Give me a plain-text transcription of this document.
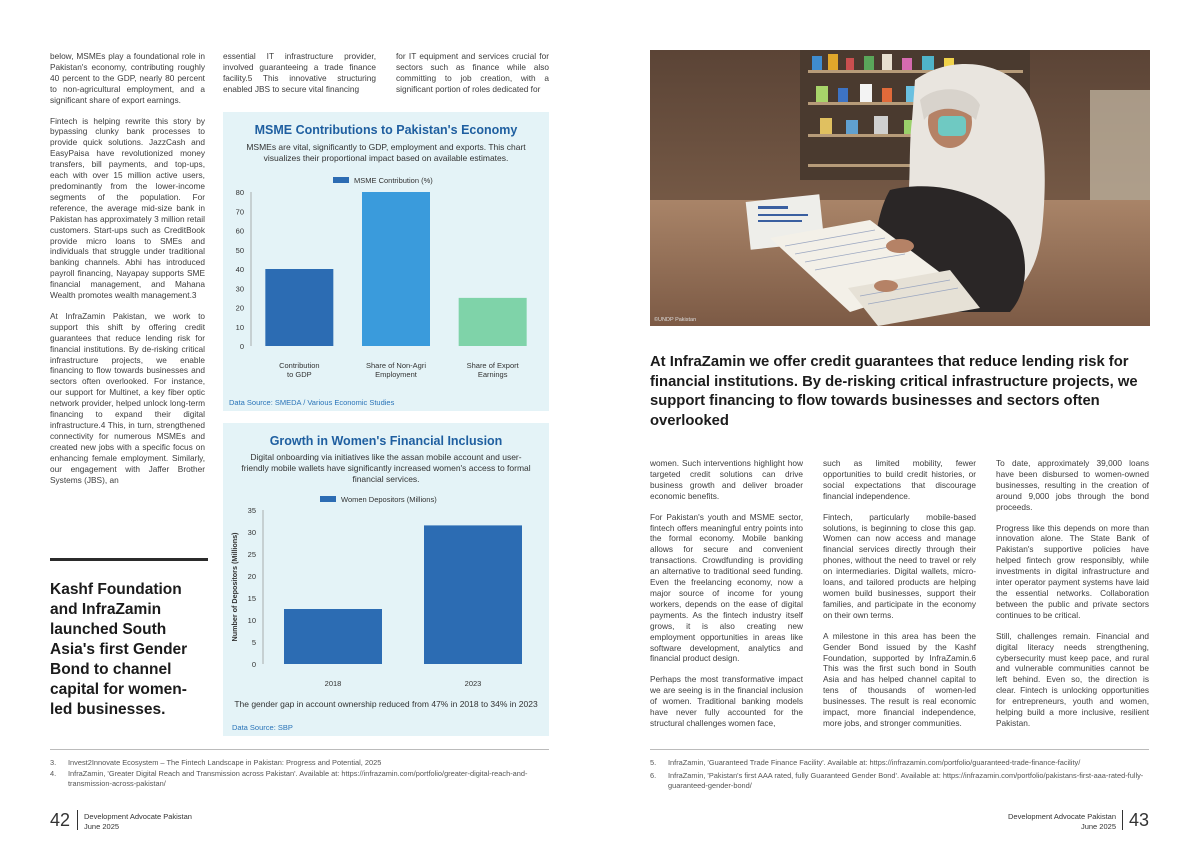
below, MSMEs play a foundational role in Pakistan's economy, contributing roughly 40 percent to the GDP, nearly 80 percent to non-agricultural employment, and a significant share of export earnings.

Fintech is helping rewrite this story by bypassing clunky bank processes to provide quick solutions. JazzCash and EasyPaisa have revolutionized money transfers, bill payments, and top-ups, each with over 15 million active users, predominantly from the lower-income segments of the population. For reference, the average mid-size bank in Pakistan has approximately 3 million retail customers. Start-ups such as CreditBook provide micro loans to SMEs and individuals that struggle under traditional banking channels. Abhi has introduced payroll financing, Nayapay supports SME financial management, and Mahana Wealth promotes wealth management.3

At InfraZamin Pakistan, we work to support this shift by offering credit guarantees that reduce lending risk for financial institutions. By de-risking critical infrastructure projects, we enable financing to flow towards businesses and sectors often overlooked. For instance, our support for Multinet, a key fiber optic network provider, helped unlock long-term financing to expand their digital infrastructure.4 This, in turn, strengthened connectivity for numerous MSMEs and created new jobs with a specific focus on enhancing female employment. Similarly, our engagement with Jaffer Brother Systems (JBS), an

essential IT infrastructure provider, involved guaranteeing a trade finance facility.5 This innovative structuring enabled JBS to secure vital financing

for IT equipment and services crucial for sectors such as finance while also committing to job creation, with a significant portion of roles dedicated for

MSME Contributions to Pakistan's Economy
MSMEs are vital, significantly to GDP, employment and exports. This chart visualizes their proportional impact based on available estimates.
MSME Contribution (%)
0
10
20
30
40
50
60
70
80
Contribution
to GDP
Share of Non-Agri
Employment
Share of Export
Earnings
Data Source: SMEDA / Various Economic Studies
Growth in Women's Financial Inclusion
Digital onboarding via initiatives like the assan mobile account and user-friendly mobile wallets have significantly increased women's access to formal financial services.
Women Depositors (Millions)
0
5
10
15
20
25
30
35
2018	2023
Number of Depositors (Millions)
The gender gap in account ownership reduced from 47% in 2018 to 34% in 2023
Data Source: SBP
Kashf Foundation and InfraZamin launched South Asia's first Gender Bond to channel capital for women-led businesses.
3. Invest2Innovate Ecosystem – The Fintech Landscape in Pakistan: Progress and Potential, 2025
4.	InfraZamin, 'Greater Digital Reach and Transmission across Pakistan'. Available at: https://infrazamin.com/portfolio/greater-digital-reach-and-transmission-across-pakistan/
42 Development Advocate Pakistan
June 2025
©UNDP Pakistan
At InfraZamin we offer credit guarantees that reduce lending risk for financial institutions. By de-risking critical infrastructure projects, we support financing to flow towards businesses and sectors often overlooked

women. Such interventions highlight how targeted credit solutions can drive business growth and deliver broader economic benefits.

For Pakistan's youth and MSME sector, fintech offers meaningful entry points into the formal economy. Mobile banking allows for secure and convenient transactions. Crowdfunding is providing an alternative to traditional seed funding. Even the freelancing economy, now a major source of income for young workers, depends on the ease of digital payments. As the fintech industry itself grows, it is also creating new employment opportunities in areas like software development, analytics and financial product design.

Perhaps the most transformative impact we are seeing is in the financial inclusion of women. Traditional banking models have never fully accounted for the structural challenges women face,

such as limited mobility, fewer opportunities to build credit histories, or social expectations that discourage financial independence.

Fintech, particularly mobile-based solutions, is beginning to close this gap. Women can now access and manage financial services directly through their phones, without the need to travel or rely on intermediaries. Digital wallets, micro-loans, and tailored products are helping women build businesses, support their families, and participate in the economy on their own terms.

A milestone in this area has been the Gender Bond issued by the Kashf Foundation, supported by InfraZamin.6 This was the first such bond in South Asia and has helped channel capital to tens of thousands of women-led businesses. The result is real economic impact, more financial independence, more jobs, and stronger communities.

To date, approximately 39,000 loans have been disbursed to women-owned businesses, resulting in the creation of around 9,000 jobs through the bond proceeds.

Progress like this depends on more than innovation alone. The State Bank of Pakistan's supportive policies have helped fintech grow responsibly, while investments in digital infrastructure and inter operator payment systems have laid the essential networks. Collaboration between the public and private sectors continues to be critical.

Still, challenges remain. Financial and digital literacy needs strengthening, cybersecurity must keep pace, and rural and vulnerable communities cannot be left behind. Even so, the direction is clear. Fintech is unlocking opportunities for entrepreneurs, youth and women, helping build a more inclusive, resilient Pakistan.

5. InfraZamin, 'Guaranteed Trade Finance Facility'. Available at: https://infrazamin.com/portfolio/guaranteed-trade-finance-facility/
6.	InfraZamin, 'Pakistan's first AAA rated, fully Guaranteed Gender Bond'. Available at: https://infrazamin.com/portfolio/pakistans-first-aaa-rated-fully-guaranteed-gender-bond/
Development Advocate Pakistan
June 2025 43
